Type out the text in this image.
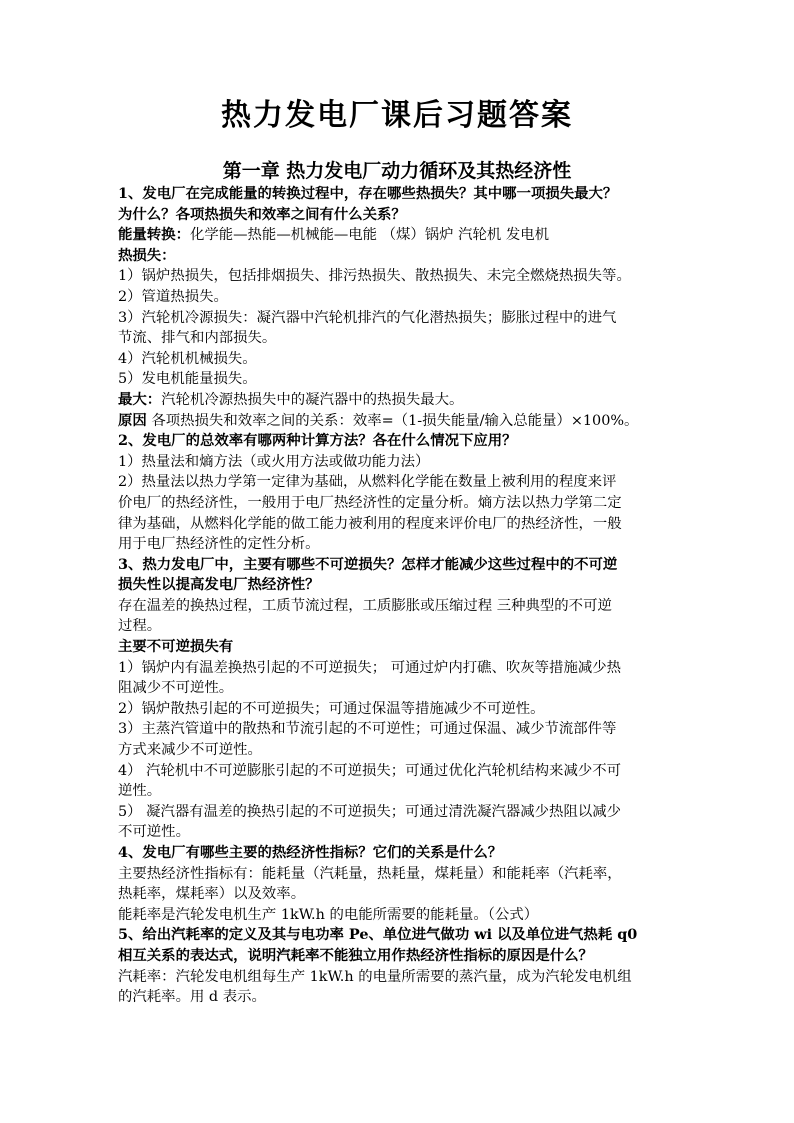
热力发电厂课后习题答案
第一章 热力发电厂动力循环及其热经济性
1、发电厂在完成能量的转换过程中，存在哪些热损失？其中哪一项损失最大？
为什么？各项热损失和效率之间有什么关系？
能量转换：化学能—热能—机械能—电能 （煤）锅炉 汽轮机 发电机
热损失：
1）锅炉热损失，包括排烟损失、排污热损失、散热损失、未完全燃烧热损失等。
2）管道热损失。
3）汽轮机冷源损失：凝汽器中汽轮机排汽的气化潜热损失；膨胀过程中的进气
节流、排气和内部损失。
4）汽轮机机械损失。
5）发电机能量损失。
最大：汽轮机冷源热损失中的凝汽器中的热损失最大。
原因 各项热损失和效率之间的关系：效率=（1-损失能量/输入总能量）×100%。
2、发电厂的总效率有哪两种计算方法？各在什么情况下应用？
1）热量法和熵方法（或火用方法或做功能力法）
2）热量法以热力学第一定律为基础，从燃料化学能在数量上被利用的程度来评
价电厂的热经济性，一般用于电厂热经济性的定量分析。熵方法以热力学第二定
律为基础，从燃料化学能的做工能力被利用的程度来评价电厂的热经济性，一般
用于电厂热经济性的定性分析。
3、热力发电厂中，主要有哪些不可逆损失？怎样才能减少这些过程中的不可逆
损失性以提高发电厂热经济性？
存在温差的换热过程，工质节流过程，工质膨胀或压缩过程 三种典型的不可逆
过程。
主要不可逆损失有
1）锅炉内有温差换热引起的不可逆损失； 可通过炉内打礁、吹灰等措施减少热
阻减少不可逆性。
2）锅炉散热引起的不可逆损失；可通过保温等措施减少不可逆性。
3）主蒸汽管道中的散热和节流引起的不可逆性；可通过保温、减少节流部件等
方式来减少不可逆性。
4） 汽轮机中不可逆膨胀引起的不可逆损失；可通过优化汽轮机结构来减少不可
逆性。
5） 凝汽器有温差的换热引起的不可逆损失；可通过清洗凝汽器减少热阻以减少
不可逆性。
4、发电厂有哪些主要的热经济性指标？它们的关系是什么？
主要热经济性指标有：能耗量（汽耗量，热耗量，煤耗量）和能耗率（汽耗率，
热耗率，煤耗率）以及效率。
能耗率是汽轮发电机生产 1kW.h 的电能所需要的能耗量。（公式）
5、给出汽耗率的定义及其与电功率 Pe、单位进气做功 wi 以及单位进气热耗 q0
相互关系的表达式，说明汽耗率不能独立用作热经济性指标的原因是什么？
汽耗率：汽轮发电机组每生产 1kW.h 的电量所需要的蒸汽量，成为汽轮发电机组
的汽耗率。用 d 表示。
